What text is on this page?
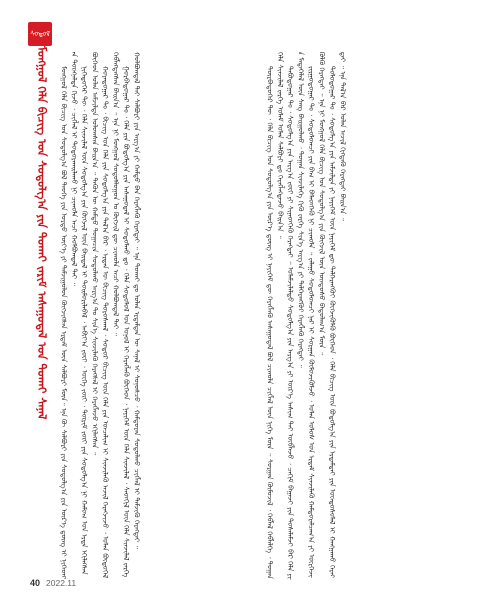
ᠰᠤᠳᠤᠯ
ᠮᠣᠩᠭᠣᠯ ᠬᠡᠯᠡ ᠪᠢᠴᠢᠭ ᠤᠨ ᠰᠤᠳᠤᠯᠭ᠎ᠠ ᠶᠢᠨ ᠲᠤᠬᠠᠢ ᠵᠠᠷᠢᠮ ᠠᠰᠠᠭᠤᠳᠠᠯ ᠤᠨ ᠲᠤᠬᠠᠢ ᠰᠠᠨᠠᠯ	ᠮᠣᠩᠭᠣᠯ ᠬᠡᠯᠡ ᠪᠢᠴᠢᠭ ᠤᠨ ᠰᠤᠳᠤᠯᠭ᠎ᠠ ᠪᠣᠯ ᠲᠡᠦᠬᠡ ᠶᠢᠨ ᠤᠷᠲᠤ ᠦᠶ᠎ᠡ ᠶᠢ ᠳᠠᠮᠵᠢᠭᠤᠯᠤᠨ ᠬᠥᠭᠵᠢᠭᠰᠡᠨ ᠡᠷᠳᠡᠮ ᠦᠨ ᠰᠠᠯᠪᠤᠷᠢ ᠮᠥᠨ᠃ ᠡᠨᠡ ᠬᠦ ᠰᠠᠯᠪᠤᠷᠢ ᠶᠢᠨ ᠰᠤᠳᠤᠯᠭ᠎ᠠ ᠶᠢᠨ ᠦᠷ᠎ᠡ ᠳ᠋ᠦᠩ ᠢ ᠨᠢᠭᠡᠳᠬᠡᠨ ᠳᠦᠩᠨᠡᠯᠲᠡ ᠬᠢᠵᠦ ᠂ ᠴᠢᠭᠯᠡᠯ ᠢ ᠲᠣᠳᠤᠷᠬᠠᠢᠯᠠᠬᠤ ᠨᠢ ᠴᠢᠬᠤᠯᠠ ᠠᠴᠢ ᠬᠣᠯᠪᠣᠭᠳᠠᠯ ᠲᠠᠢ ᠃ ᠨᠢᠭᠡᠳᠦᠭᠡᠷ ᠲᠦ ᠂ ᠬᠡᠯᠡ ᠰᠢᠨᠵᠢᠯᠡᠯ ᠦᠨ ᠰᠤᠳᠤᠯᠭ᠎ᠠ ᠶᠢᠨ ᠬᠥᠭᠵᠢᠯ ᠦᠨ ᠪᠠᠢᠳᠠᠯ ᠢ ᠲᠣᠢᠮᠣᠷᠢᠯᠠᠪᠠᠯ ᠂ ᠠᠪᠢᠶ᠎ᠠ ᠵᠦᠢ ᠂ ᠦᠭᠡ ᠵᠦᠢ ᠂ ᠳᠦᠷᠢᠮ ᠵᠦᠢ ᠶᠢᠨ ᠰᠤᠳᠤᠯᠭ᠎ᠠ ᠨᠢ ᠬᠠᠮᠤᠭ ᠤᠨ ᠡᠷᠲᠡ ᠡᠬᠢᠯᠡᠭᠰᠡᠨ ᠪᠥᠭᠡᠳ ᠣᠯᠠᠨ ᠠᠮᠵᠢᠯᠲᠠ ᠣᠯᠤᠭᠰᠠᠨ ᠪᠠᠢᠨ᠎ᠠ ᠃ ᠲᠡᠭᠦᠨ ᠦ ᠬᠠᠮᠲᠤ ᠲᠣᠭᠠᠴᠢᠨ ᠰᠤᠳᠤᠯᠬᠤ ᠠᠷᠭ᠎ᠠ ᠲᠤ ᠰᠢᠨ᠎ᠡ ᠰᠢᠨᠵᠢᠯᠡᠬᠦ ᠬᠡᠷᠡᠭᠰᠡᠯ ᠢ ᠬᠡᠷᠡᠭᠯᠡᠵᠦ ᠡᠬᠢᠯᠡᠭᠰᠡᠨ ᠃ ᠬᠣᠶᠠᠳᠤᠭᠠᠷ ᠲᠤ ᠂ ᠪᠢᠴᠢᠭ ᠤᠨ ᠬᠡᠯᠡ ᠶᠢᠨ ᠰᠤᠳᠤᠯᠭ᠎ᠠ ᠶᠢᠨ ᠲᠠᠯ᠎ᠠ ᠪᠠᠷ ᠂ ᠡᠷᠲᠡᠨ ᠦ ᠪᠢᠴᠢᠭ ᠳᠤᠷᠤᠰᠬᠠᠯ ᠂ ᠰᠤᠳᠤᠷ ᠪᠢᠴᠢᠭ ᠦᠨ ᠬᠡᠯᠡ ᠶᠢᠨ ᠣᠨᠴᠠᠯᠢᠭ ᠢ ᠰᠢᠨᠵᠢᠯᠡᠬᠦ ᠠᠵᠢᠯ ᠬᠡᠷᠡᠭᠵᠢᠵᠦ ᠂ ᠣᠯᠠᠨ ᠪᠦᠲᠦᠭᠡᠯ ᠬᠡᠪᠯᠡᠭᠳᠡᠭᠰᠡᠨ ᠪᠠᠢᠨ᠎ᠠ ᠃ ᠡᠨᠡ ᠨᠢ ᠮᠣᠩᠭᠣᠯ ᠰᠤᠳᠤᠯᠯᠤᠭᠤᠨ ᠤ ᠬᠥᠭᠵᠢᠯ ᠳᠦ ᠴᠢᠬᠤᠯᠠ ᠠᠴᠢ ᠬᠣᠯᠪᠣᠭᠳᠠᠯ ᠲᠠᠢ ᠃ ᠭᠤᠷᠪᠠᠳᠤᠭᠠᠷ ᠲᠤ ᠂ ᠬᠡᠯᠡ ᠶᠢᠨ ᠪᠣᠳᠤᠯᠭ᠎ᠠ ᠶᠢᠨ ᠠᠰᠠᠭᠤᠳᠠᠯ ᠢ ᠰᠤᠳᠤᠯᠬᠤ ᠳᠤ ᠂ ᠬᠡᠯᠡ ᠰᠤᠳᠤᠯᠤᠯ ᠤᠨ ᠣᠨᠣᠯ ᠢ ᠬᠡᠷᠡᠭᠯᠡᠬᠦ ᠪᠥᠭᠡᠳ ᠂ ᠨᠡᠶᠢᠭᠡᠮ ᠦᠨ ᠬᠡᠯᠡ ᠰᠢᠨᠵᠢᠯᠡᠯ ᠂ ᠰᠡᠳᠬᠢᠯ ᠦᠨ ᠬᠡᠯᠡ ᠰᠢᠨᠵᠢᠯᠡᠯ ᠵᠡᠷᠭᠡ ᠬᠣᠯᠪᠣᠭᠳᠠᠯ ᠲᠠᠢ ᠰᠠᠯᠪᠤᠷᠢ ᠶᠢᠨ ᠠᠷᠭ᠎ᠠ ᠶᠢ ᠬᠠᠮᠲᠤ ᠪᠠᠨ ᠬᠡᠷᠡᠭᠯᠡᠬᠦ ᠬᠡᠷᠡᠭᠲᠡᠢ ᠃ ᠡᠨᠡ ᠲᠤᠬᠠᠢ ᠳᠤ ᠣᠯᠠᠨ ᠡᠷᠳᠡᠮᠲᠡᠨ ᠦ ᠰᠠᠨᠠᠯ ᠢ ᠰᠣᠨᠤᠰᠴᠤ ᠂ ᠬᠠᠮᠲᠤᠷᠠᠨ ᠰᠤᠳᠤᠯᠬᠤ ᠴᠢᠭᠯᠡᠯ ᠢ ᠳᠡᠮᠵᠢᠬᠦ ᠬᠡᠷᠡᠭᠲᠡᠢ ᠃	ᠳᠥᠷᠪᠡᠳᠦᠭᠡᠷ ᠲᠦ ᠂ ᠬᠡᠯᠡ ᠪᠢᠴᠢᠭ ᠤᠨ ᠰᠤᠳᠤᠯᠭ᠎ᠠ ᠶᠢᠨ ᠦᠷ᠎ᠡ ᠳ᠋ᠦᠩ ᠢ ᠨᠡᠶᠢᠭᠡᠮ ᠳᠦ ᠬᠡᠷᠡᠭᠯᠡᠬᠦ ᠠᠰᠠᠭᠤᠳᠠᠯ ᠪᠣᠯ ᠴᠢᠬᠤᠯᠠ ᠴᠢᠭᠯᠡᠯ ᠦᠨ ᠨᠢᠭᠡ ᠮᠥᠨ ᠃ ᠰᠤᠷᠭᠠᠨ ᠬᠦᠮᠦᠵᠢᠯ ᠂ ᠬᠡᠪᠯᠡᠯ ᠬᠡᠪᠯᠡᠯᠭᠡ ᠂ ᠲᠣᠭᠠᠨ ᠬᠡᠯᠡ ᠰᠢᠨᠵᠢᠯᠡᠯ ᠵᠡᠷᠭᠡ ᠤᠯᠠᠮ ᠣᠯᠠᠨ ᠰᠠᠯᠪᠤᠷᠢ ᠳᠤ ᠬᠡᠷᠡᠭᠯᠡᠭᠳᠡᠵᠦ ᠪᠠᠢᠨ᠎ᠠ ᠃ ᠲᠠᠪᠤᠳᠤᠭᠠᠷ ᠲᠤ ᠂ ᠰᠤᠳᠤᠯᠭ᠎ᠠ ᠶᠢᠨ ᠠᠷᠭ᠎ᠠ ᠵᠦᠢ ᠶᠢ ᠰᠢᠨᠡᠳᠭᠡᠬᠦ ᠬᠡᠷᠡᠭᠲᠡᠢ ᠃ ᠤᠯᠠᠮᠵᠢᠯᠠᠯᠲᠤ ᠰᠤᠳᠤᠯᠭ᠎ᠠ ᠶᠢᠨ ᠠᠷᠭ᠎ᠠ ᠶᠢ ᠦᠷ᠎ᠡ ᠠᠰᠢᠭ ᠲᠠᠢ ᠥᠪᠯᠡᠵᠦ ᠂ ᠴᠠᠬᠢᠮ ᠪᠠᠭᠠᠵᠢ ᠶᠢᠨ ᠲᠤᠰᠠᠯᠠᠮᠵᠢ ᠪᠠᠷ ᠬᠡᠯᠡ ᠶᠢᠨ ᠮᠡᠳᠡᠭᠡᠯᠡᠯ ᠦᠨ ᠰᠠᠩ ᠪᠠᠢᠭᠤᠯᠬᠤ ᠂ ᠲᠣᠭᠠᠨ ᠰᠢᠨᠵᠢᠯᠡᠭᠡ ᠬᠢᠬᠦ ᠵᠡᠷᠭᠡ ᠰᠢᠨ᠎ᠡ ᠠᠷᠭ᠎ᠠ ᠶᠢ ᠳᠡᠯᠭᠡᠷᠡᠩᠭᠦᠢ ᠬᠡᠷᠡᠭᠯᠡᠬᠦ ᠬᠡᠷᠡᠭᠲᠡᠢ ᠃ ᠵᠢᠷᠭᠤᠳᠤᠭᠠᠷ ᠲᠤ ᠂ ᠰᠤᠳᠤᠯᠤᠭᠴᠢ ᠶᠢᠨ ᠪᠠᠭ ᠢ ᠪᠡᠯᠡᠳᠬᠡᠬᠦ ᠨᠢ ᠴᠢᠬᠤᠯᠠ ᠃ ᠵᠠᠯᠠᠭᠤ ᠰᠤᠳᠤᠯᠤᠭᠴᠢ ᠨᠠᠷ ᠢ ᠰᠤᠷᠭᠠᠨ ᠬᠦᠮᠦᠵᠢᠭᠦᠯᠵᠦ ᠂ ᠣᠯᠠᠨ ᠤᠯᠤᠰ ᠤᠨ ᠡᠷᠳᠡᠮ ᠰᠢᠨᠵᠢᠯᠡᠬᠦ ᠬᠠᠮᠲᠤᠷᠠᠯᠴᠠᠭ᠎ᠠ ᠶᠢ ᠥᠷᠭᠡᠵᠢᠭᠦᠯᠬᠦ ᠬᠡᠷᠡᠭᠲᠡᠢ ᠃ ᠡᠨᠡ ᠨᠢ ᠮᠣᠩᠭᠣᠯ ᠬᠡᠯᠡ ᠪᠢᠴᠢᠭ ᠤᠨ ᠰᠤᠳᠤᠯᠭ᠎ᠠ ᠶᠢᠨ ᠬᠥᠭᠵᠢᠯ ᠦᠨ ᠦᠨᠳᠦᠰᠦ ᠪᠠᠲᠤᠯᠠᠭ᠎ᠠ ᠮᠥᠨ ᠃ ᠳᠣᠯᠣᠳᠤᠭᠠᠷ ᠲᠤ ᠂ ᠰᠤᠳᠤᠯᠭ᠎ᠠ ᠶᠢᠨ ᠠᠮᠵᠢᠯᠲᠠ ᠶᠢ ᠨᠡᠶᠢᠭᠡᠮ ᠦᠨ ᠨᠡᠶᠢᠭᠡᠮ ᠳᠦ ᠳᠡᠯᠭᠡᠷᠡᠩᠭᠦᠢ ᠬᠥᠭᠵᠢᠭᠦᠯᠬᠦ ᠪᠥᠭᠡᠳ ᠂ ᠬᠡᠯᠡ ᠪᠢᠴᠢᠭ ᠦᠨ ᠪᠣᠳᠤᠯᠭ᠎ᠠ ᠶᠢᠨ ᠡᠷᠳᠡᠮᠲᠡᠢ ᠶᠢᠨ ᠦᠨᠳᠦᠰᠦᠯᠡᠯ ᠢ ᠬᠠᠩᠭᠠᠬᠤ ᠬᠡᠷᠡᠭᠲᠡᠢ ᠃ ᠡᠨᠡ ᠲᠠᠯ᠎ᠠ ᠪᠠᠷ ᠣᠯᠠᠨ ᠠᠵᠢᠯ ᠬᠢᠭᠳᠡᠬᠦ ᠬᠡᠷᠡᠭᠲᠡᠢ ᠪᠠᠢᠨ᠎ᠠ ᠃

40 2022.11
